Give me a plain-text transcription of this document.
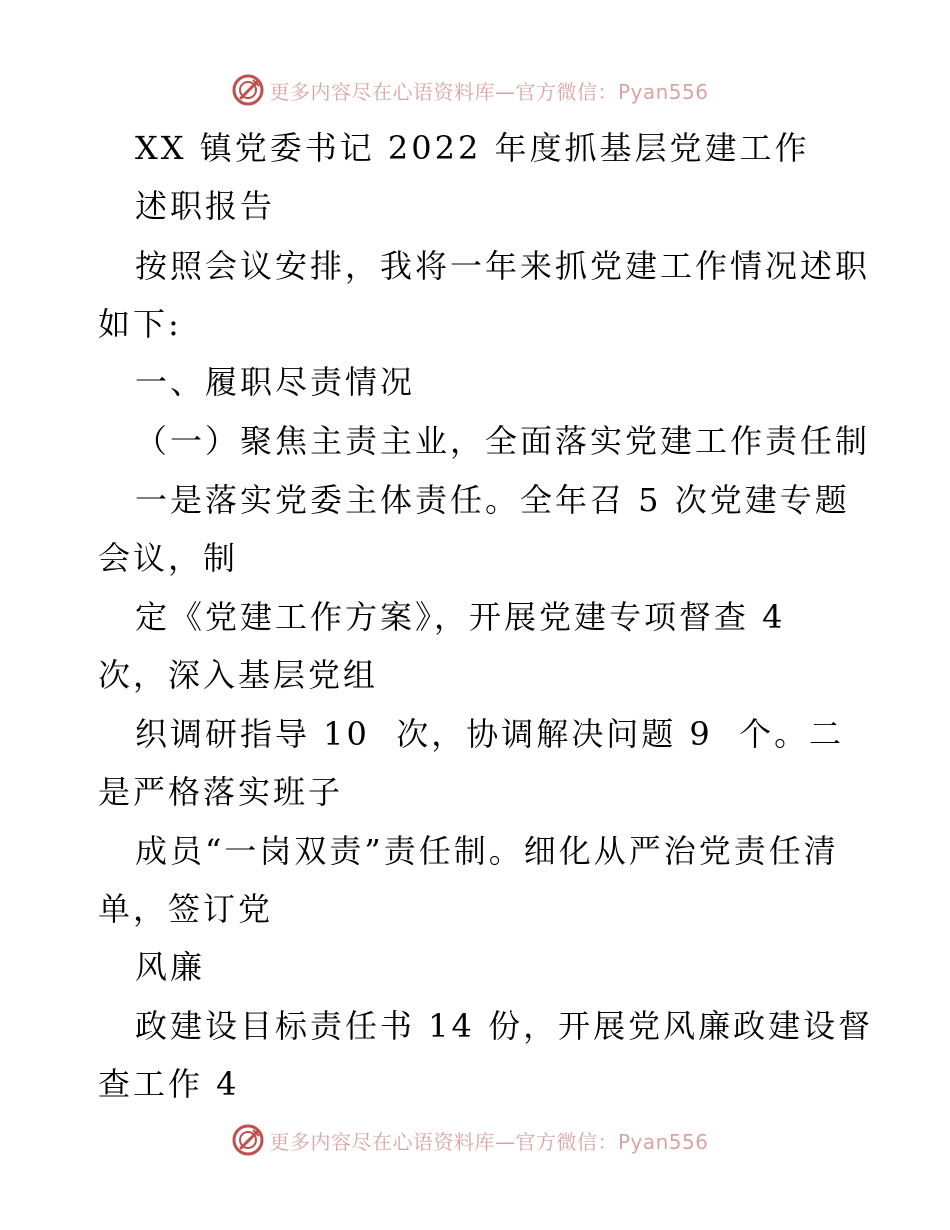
更多内容尽在心语资料库—官方微信：Pyan556
XX 镇党委书记 2022 年度抓基层党建工作
述职报告
按照会议安排，我将一年来抓党建工作情况述职
如下:
一、履职尽责情况
（一）聚焦主责主业，全面落实党建工作责任制
一是落实党委主体责任。全年召 5 次党建专题
会议，制
定《党建工作方案》，开展党建专项督查 4
次，深入基层党组
织调研指导 10  次，协调解决问题 9  个。二
是严格落实班子
成员“一岗双责”责任制。细化从严治党责任清
单，签订党
风廉
政建设目标责任书 14 份，开展党风廉政建设督
查工作 4
更多内容尽在心语资料库—官方微信：Pyan556
